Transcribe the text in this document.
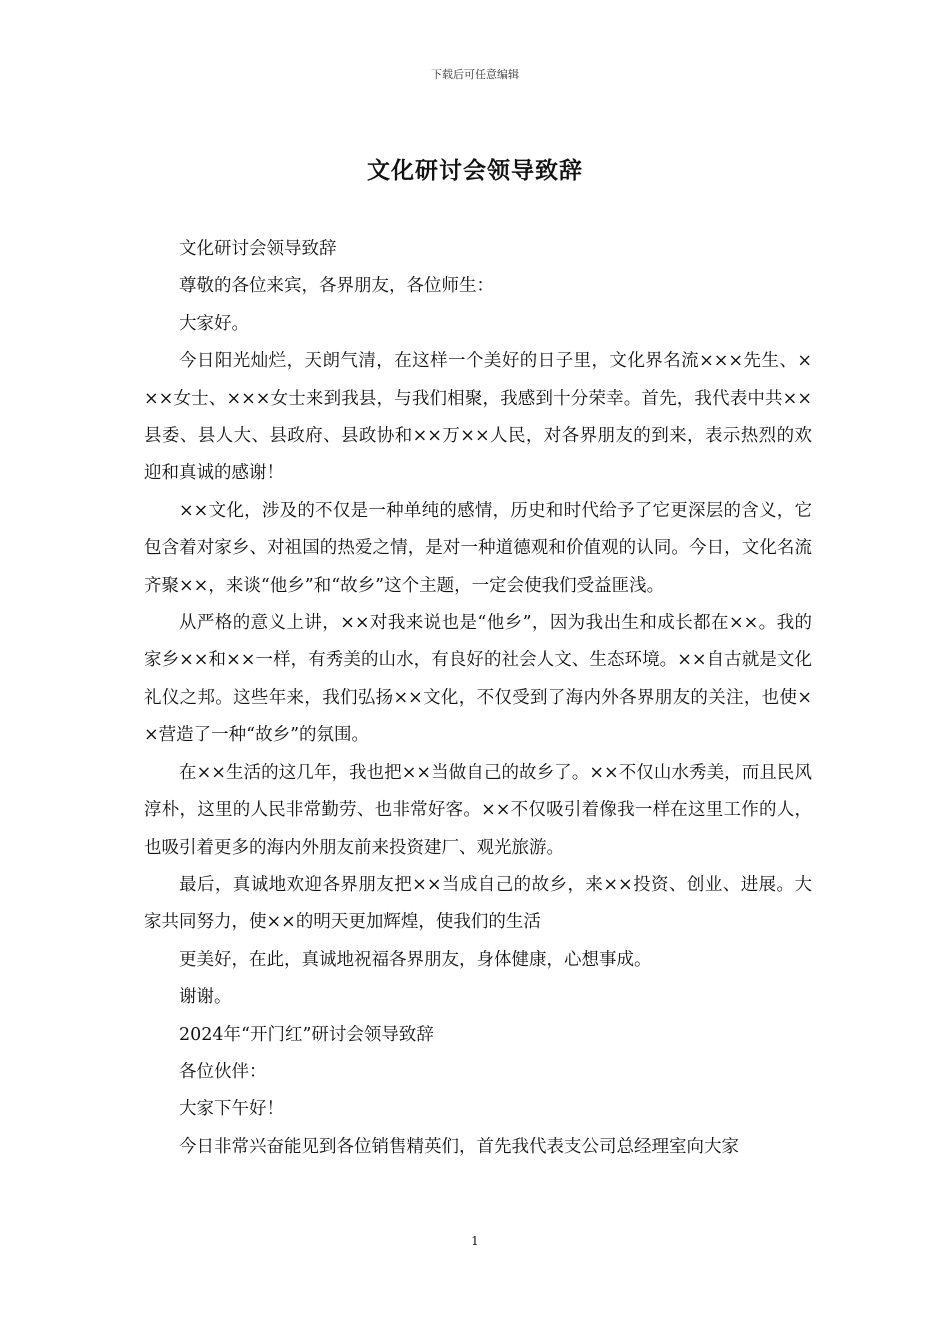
下载后可任意编辑
文化研讨会领导致辞

文化研讨会领导致辞

尊敬的各位来宾，各界朋友，各位师生：

大家好。

今日阳光灿烂，天朗气清，在这样一个美好的日子里，文化界名流×××先生、×××女士、×××女士来到我县，与我们相聚，我感到十分荣幸。首先，我代表中共××县委、县人大、县政府、县政协和××万××人民，对各界朋友的到来，表示热烈的欢迎和真诚的感谢！

××文化，涉及的不仅是一种单纯的感情，历史和时代给予了它更深层的含义，它包含着对家乡、对祖国的热爱之情，是对一种道德观和价值观的认同。今日，文化名流齐聚××，来谈“他乡”和“故乡”这个主题，一定会使我们受益匪浅。

从严格的意义上讲，××对我来说也是“他乡”，因为我出生和成长都在××。我的家乡××和××一样，有秀美的山水，有良好的社会人文、生态环境。××自古就是文化礼仪之邦。这些年来，我们弘扬××文化，不仅受到了海内外各界朋友的关注，也使××营造了一种“故乡”的氛围。

在××生活的这几年，我也把××当做自己的故乡了。××不仅山水秀美，而且民风淳朴，这里的人民非常勤劳、也非常好客。××不仅吸引着像我一样在这里工作的人，也吸引着更多的海内外朋友前来投资建厂、观光旅游。

最后，真诚地欢迎各界朋友把××当成自己的故乡，来××投资、创业、进展。大家共同努力，使××的明天更加辉煌，使我们的生活

更美好，在此，真诚地祝福各界朋友，身体健康，心想事成。

谢谢。

2024年“开门红”研讨会领导致辞

各位伙伴：

大家下午好！

今日非常兴奋能见到各位销售精英们，首先我代表支公司总经理室向大家

1
